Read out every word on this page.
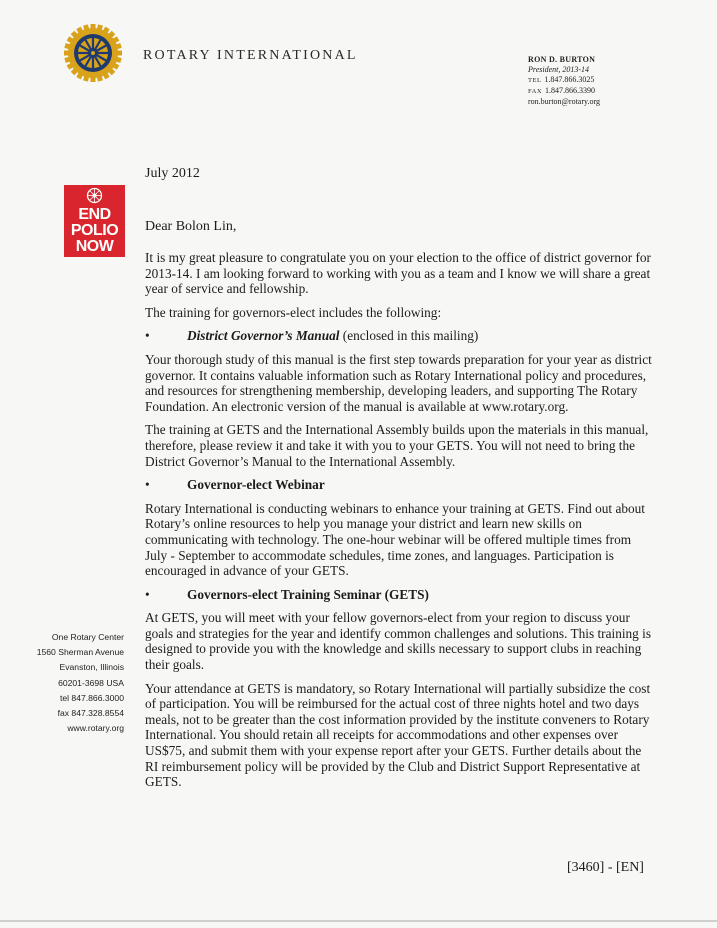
ROTARY INTERNATIONAL	RON D. BURTON
President, 2013-14
TEL 1.847.866.3025
FAX 1.847.866.3390
ron.burton@rotary.org
END
POLIO
NOW
July 2012
Dear Bolon Lin,

It is my great pleasure to congratulate you on your election to the office of district governor for 2013-14. I am looking forward to working with you as a team and I know we will share a great year of service and fellowship.

The training for governors-elect includes the following:

•	District Governor’s Manual (enclosed in this mailing)

Your thorough study of this manual is the first step towards preparation for your year as district governor. It contains valuable information such as Rotary International policy and procedures, and resources for strengthening membership, developing leaders, and supporting The Rotary Foundation. An electronic version of the manual is available at www.rotary.org.

The training at GETS and the International Assembly builds upon the materials in this manual, therefore, please review it and take it with you to your GETS. You will not need to bring the District Governor’s Manual to the International Assembly.

•	Governor-elect Webinar

Rotary International is conducting webinars to enhance your training at GETS. Find out about Rotary’s online resources to help you manage your district and learn new skills on communicating with technology. The one-hour webinar will be offered multiple times from July - September to accommodate schedules, time zones, and languages. Participation is encouraged in advance of your GETS.

•	Governors-elect Training Seminar (GETS)

At GETS, you will meet with your fellow governors-elect from your region to discuss your goals and strategies for the year and identify common challenges and solutions. This training is designed to provide you with the knowledge and skills necessary to support clubs in reaching their goals.

Your attendance at GETS is mandatory, so Rotary International will partially subsidize the cost of participation. You will be reimbursed for the actual cost of three nights hotel and two days meals, not to be greater than the cost information provided by the institute conveners to Rotary International. You should retain all receipts for accommodations and other expenses over US$75, and submit them with your expense report after your GETS. Further details about the RI reimbursement policy will be provided by the Club and District Support Representative at GETS.

One Rotary Center
1560 Sherman Avenue
Evanston, Illinois
60201-3698 USA
tel 847.866.3000
fax 847.328.8554
www.rotary.org
[3460] - [EN]
